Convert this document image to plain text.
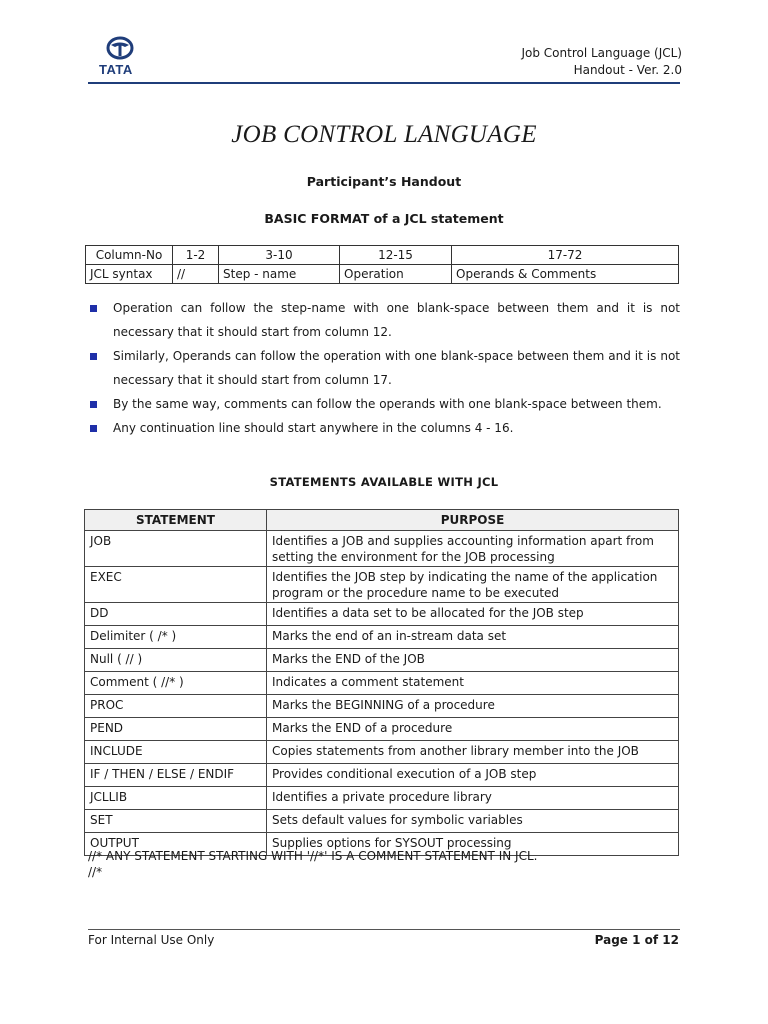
TATA
Job Control Language (JCL)
Handout - Ver. 2.0
JOB CONTROL LANGUAGE
Participant’s Handout
BASIC FORMAT of a JCL statement
Column-No	1-2	3-10	12-15	17-72
JCL syntax	//	Step - name	Operation	Operands & Comments
Operation can follow the step-name with one blank-space between them and it is not necessary that it should start from column 12.
Similarly, Operands can follow the operation with one blank-space between them and it is not necessary that it should start from column 17.
By the same way, comments can follow the operands with one blank-space between them.
Any continuation line should start anywhere in the columns 4 - 16.
STATEMENTS AVAILABLE WITH JCL
STATEMENT	PURPOSE
JOB	Identifies a JOB and supplies accounting information apart from setting the environment for the JOB processing
EXEC	Identifies the JOB step by indicating the name of the application program or the procedure name to be executed
DD	Identifies a data set to be allocated for the JOB step
Delimiter ( /* )	Marks the end of an in-stream data set
Null ( // )	Marks the END of the JOB
Comment ( //* )	Indicates a comment statement
PROC	Marks the BEGINNING of a procedure
PEND	Marks the END of a procedure
INCLUDE	Copies statements from another library member into the JOB
IF / THEN / ELSE / ENDIF	Provides conditional execution of a JOB step
JCLLIB	Identifies a private procedure library
SET	Sets default values for symbolic variables
OUTPUT	Supplies options for SYSOUT processing
//* ANY STATEMENT STARTING WITH '//*' IS A COMMENT STATEMENT IN JCL.
//*
For Internal Use Only	Page 1 of 12
